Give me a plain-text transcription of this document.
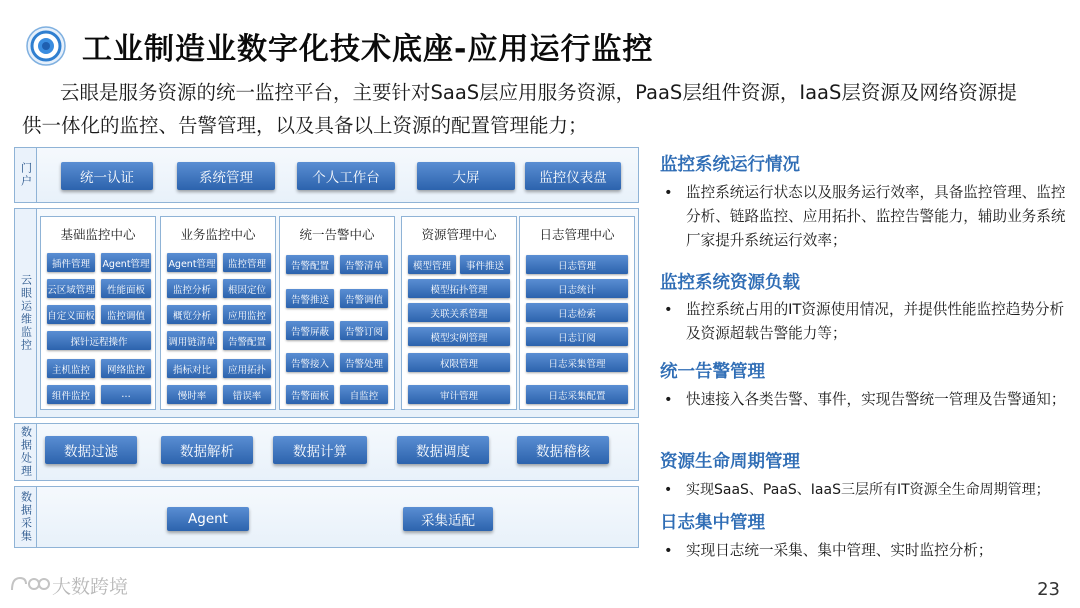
工业制造业数字化技术底座-应用运行监控
云眼是服务资源的统一监控平台，主要针对SaaS层应用服务资源，PaaS层组件资源，IaaS层资源及网络资源提
供一体化的监控、告警管理，以及具备以上资源的配置管理能力；
门户	统一认证	系统管理	个人工作台	大屏	监控仪表盘
云眼运维监控
基础监控中心
插件管理	Agent管理
云区域管理	性能面板
自定义面板	监控调值
探针远程操作
主机监控	网络监控
组件监控	…
业务监控中心
Agent管理	监控管理
监控分析	根因定位
概览分析	应用监控
调用链清单	告警配置
指标对比	应用拓扑
慢时率	错误率
统一告警中心
告警配置	告警清单
告警推送	告警调值
告警屏蔽	告警订阅
告警接入	告警处理
告警面板	自监控
资源管理中心
模型管理	事件推送
模型拓扑管理
关联关系管理
模型实例管理
权限管理
审计管理
日志管理中心
日志管理
日志统计
日志检索
日志订阅
日志采集管理
日志采集配置
数据处理	数据过滤	数据解析	数据计算	数据调度	数据稽核
数据采集	Agent	采集适配
监控系统运行情况
• 监控系统运行状态以及服务运行效率，具备监控管理、监控分析、链路监控、应用拓扑、监控告警能力，辅助业务系统厂家提升系统运行效率；
监控系统资源负载
• 监控系统占用的IT资源使用情况，并提供性能监控趋势分析及资源超载告警能力等；
统一告警管理
• 快速接入各类告警、事件，实现告警统一管理及告警通知；
资源生命周期管理
• 实现SaaS、PaaS、IaaS三层所有IT资源全生命周期管理；
日志集中管理
• 实现日志统一采集、集中管理、实时监控分析；
大数跨境	23
